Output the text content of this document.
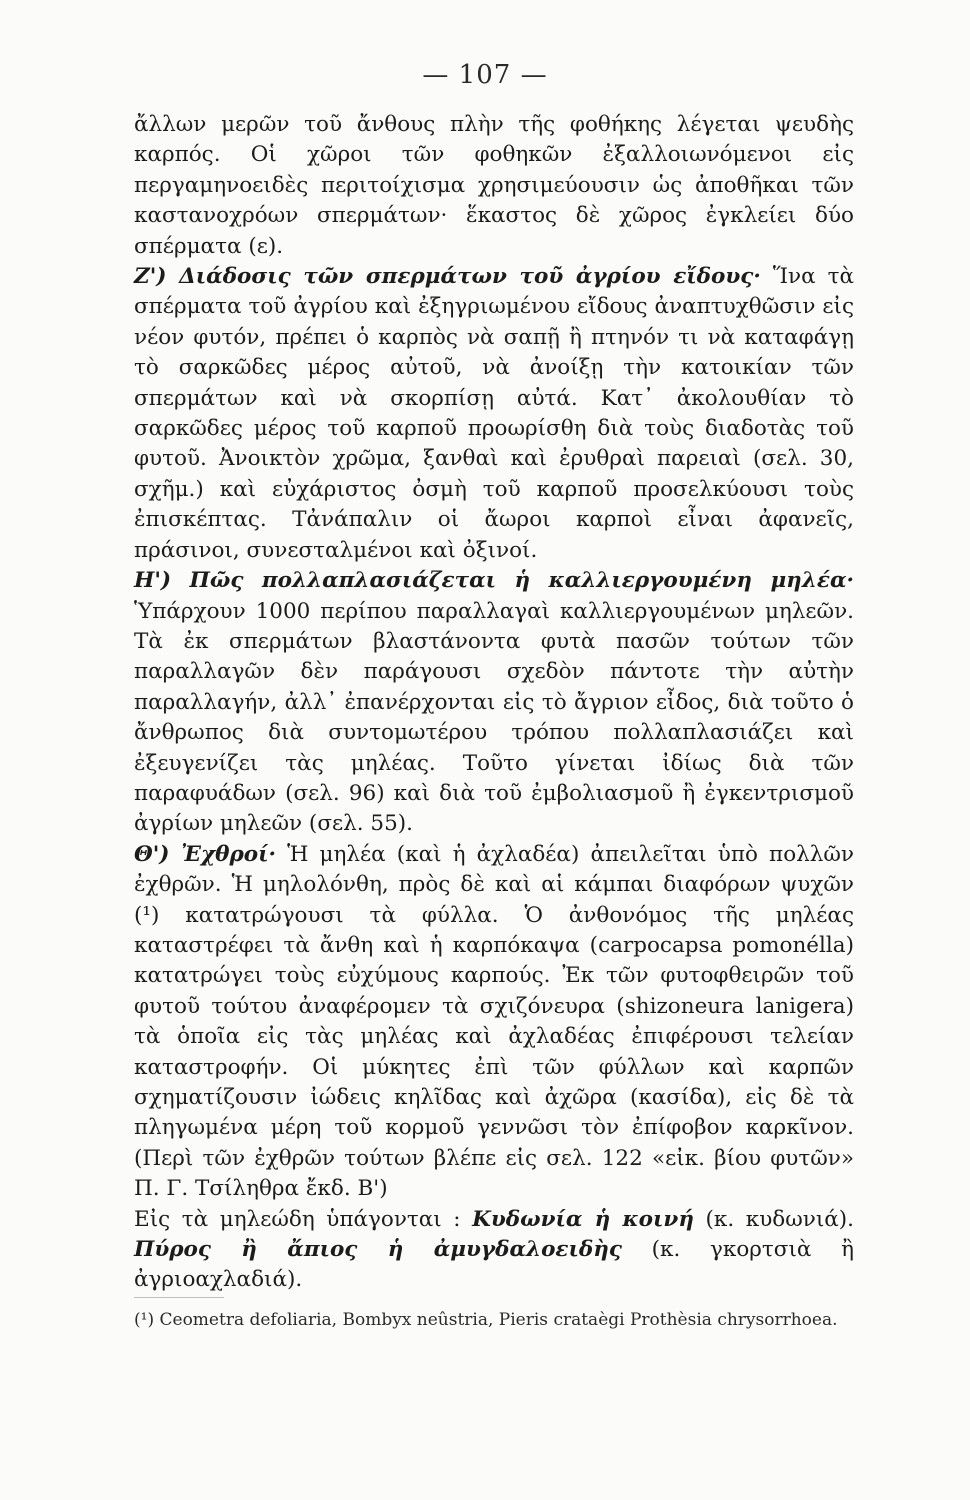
— 107 —

ἄλλων μερῶν τοῦ ἄνθους πλὴν τῆς φοθήκης λέγεται ψευδὴς καρπός. Οἱ χῶροι τῶν φοθηκῶν ἐξαλλοιωνόμενοι εἰς περγαμηνοειδὲς περιτοίχισμα χρησιμεύουσιν ὡς ἀποθῆκαι τῶν καστανοχρόων σπερμάτων· ἕκαστος δὲ χῶρος ἐγκλείει δύο σπέρματα (ε).

Ζ') Διάδοσις τῶν σπερμάτων τοῦ ἀγρίου εἴδους· Ἵνα τὰ σπέρματα τοῦ ἀγρίου καὶ ἐξηγριωμένου εἴδους ἀναπτυχθῶσιν εἰς νέον φυτόν, πρέπει ὁ καρπὸς νὰ σαπῇ ἢ πτηνόν τι νὰ καταφάγῃ τὸ σαρκῶδες μέρος αὐτοῦ, νὰ ἀνοίξῃ τὴν κατοικίαν τῶν σπερμάτων καὶ νὰ σκορπίσῃ αὐτά. Κατ᾿ ἀκολουθίαν τὸ σαρκῶδες μέρος τοῦ καρποῦ προωρίσθη διὰ τοὺς διαδοτὰς τοῦ φυτοῦ. Ἀνοικτὸν χρῶμα, ξανθαὶ καὶ ἐρυθραὶ παρειαὶ (σελ. 30, σχῆμ.) καὶ εὐχάριστος ὀσμὴ τοῦ καρποῦ προσελκύουσι τοὺς ἐπισκέπτας. Τἀνάπαλιν οἱ ἄωροι καρποὶ εἶναι ἀφανεῖς, πράσινοι, συνεσταλμένοι καὶ ὀξινοί.

Η') Πῶς πολλαπλασιάζεται ἡ καλλιεργουμένη μηλέα· Ὑπάρχουν 1000 περίπου παραλλαγαὶ καλλιεργουμένων μηλεῶν. Τὰ ἐκ σπερμάτων βλαστάνοντα φυτὰ πασῶν τούτων τῶν παραλλαγῶν δὲν παράγουσι σχεδὸν πάντοτε τὴν αὐτὴν παραλλαγήν, ἀλλ᾿ ἐπανέρχονται εἰς τὸ ἄγριον εἶδος, διὰ τοῦτο ὁ ἄνθρωπος διὰ συντομωτέρου τρόπου πολλαπλασιάζει καὶ ἐξευγενίζει τὰς μηλέας. Τοῦτο γίνεται ἰδίως διὰ τῶν παραφυάδων (σελ. 96) καὶ διὰ τοῦ ἐμβολιασμοῦ ἢ ἐγκεντρισμοῦ ἀγρίων μηλεῶν (σελ. 55).

Θ') Ἐχθροί· Ἡ μηλέα (καὶ ἡ ἀχλαδέα) ἀπειλεῖται ὑπὸ πολλῶν ἐχθρῶν. Ἡ μηλολόνθη, πρὸς δὲ καὶ αἱ κάμπαι διαφόρων ψυχῶν (¹) κατατρώγουσι τὰ φύλλα. Ὁ ἀνθονόμος τῆς μηλέας καταστρέφει τὰ ἄνθη καὶ ἡ καρπόκαψα (carpocapsa pomonélla) κατατρώγει τοὺς εὐχύμους καρπούς. Ἐκ τῶν φυτοφθειρῶν τοῦ φυτοῦ τούτου ἀναφέρομεν τὰ σχιζόνευρα (shizoneura lanigera) τὰ ὁποῖα εἰς τὰς μηλέας καὶ ἀχλαδέας ἐπιφέρουσι τελείαν καταστροφήν. Οἱ μύκητες ἐπὶ τῶν φύλλων καὶ καρπῶν σχηματίζουσιν ἰώδεις κηλῖδας καὶ ἀχῶρα (κασίδα), εἰς δὲ τὰ πληγωμένα μέρη τοῦ κορμοῦ γεννῶσι τὸν ἐπίφοβον καρκῖνον. (Περὶ τῶν ἐχθρῶν τούτων βλέπε εἰς σελ. 122 «εἰκ. βίου φυτῶν» Π. Γ. Τσίληθρα ἔκδ. Β')

Εἰς τὰ μηλεώδη ὑπάγονται : Κυδωνία ἡ κοινή (κ. κυδωνιά). Πύρος ἢ ἄπιος ἡ ἀμυγδαλοειδὴς (κ. γκορτσιὰ ἢ ἀγριοαχλαδιά).

(¹) Ceometra defoliaria, Bombyx neûstria, Pieris crataègi Prothèsia chrysorrhoea.
